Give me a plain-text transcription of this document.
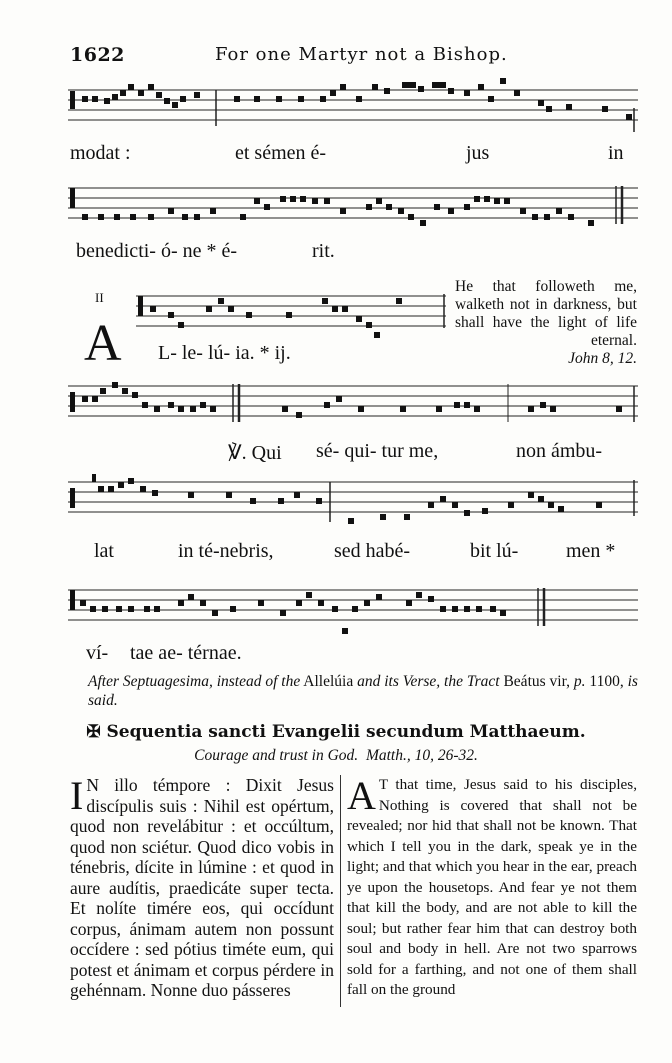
1622	For one Martyr not a Bishop.
modat :	et sémen é-	jus	in
benedicti- ó- ne * é-	rit.
II
A L- le- lú- ia. * ij.
He that followeth me, walketh not in darkness, but shall have the light of life eternal.
John 8, 12.
℣. Qui sé- qui- tur me,	non ámbu-
lat	in té-nebris,	sed habé-	bit lú- men *
ví- tae ae- térnae.
After Septuagesima, instead of the Allelúia and its Verse, the Tract Beátus vir, p. 1100, is said.
✠ Sequentia sancti Evangelii secundum Matthaeum.
Courage and trust in God. Matth., 10, 26-32.
I N illo témpore : Dixit Jesus discípulis suis : Nihil est opértum, quod non revelábitur : et occúltum, quod non sciétur. Quod dico vobis in ténebris, dícite in lúmine : et quod in aure audítis, praedicáte super tecta. Et nolíte timére eos, qui occídunt corpus, ánimam autem non possunt occídere : sed pótius timéte eum, qui potest et ánimam et corpus pérdere in gehénnam. Nonne duo pásseres
A T that time, Jesus said to his disciples, Nothing is covered that shall not be revealed; nor hid that shall not be known. That which I tell you in the dark, speak ye in the light; and that which you hear in the ear, preach ye upon the housetops. And fear ye not them that kill the body, and are not able to kill the soul; but rather fear him that can destroy both soul and body in hell. Are not two sparrows sold for a farthing, and not one of them shall fall on the ground
